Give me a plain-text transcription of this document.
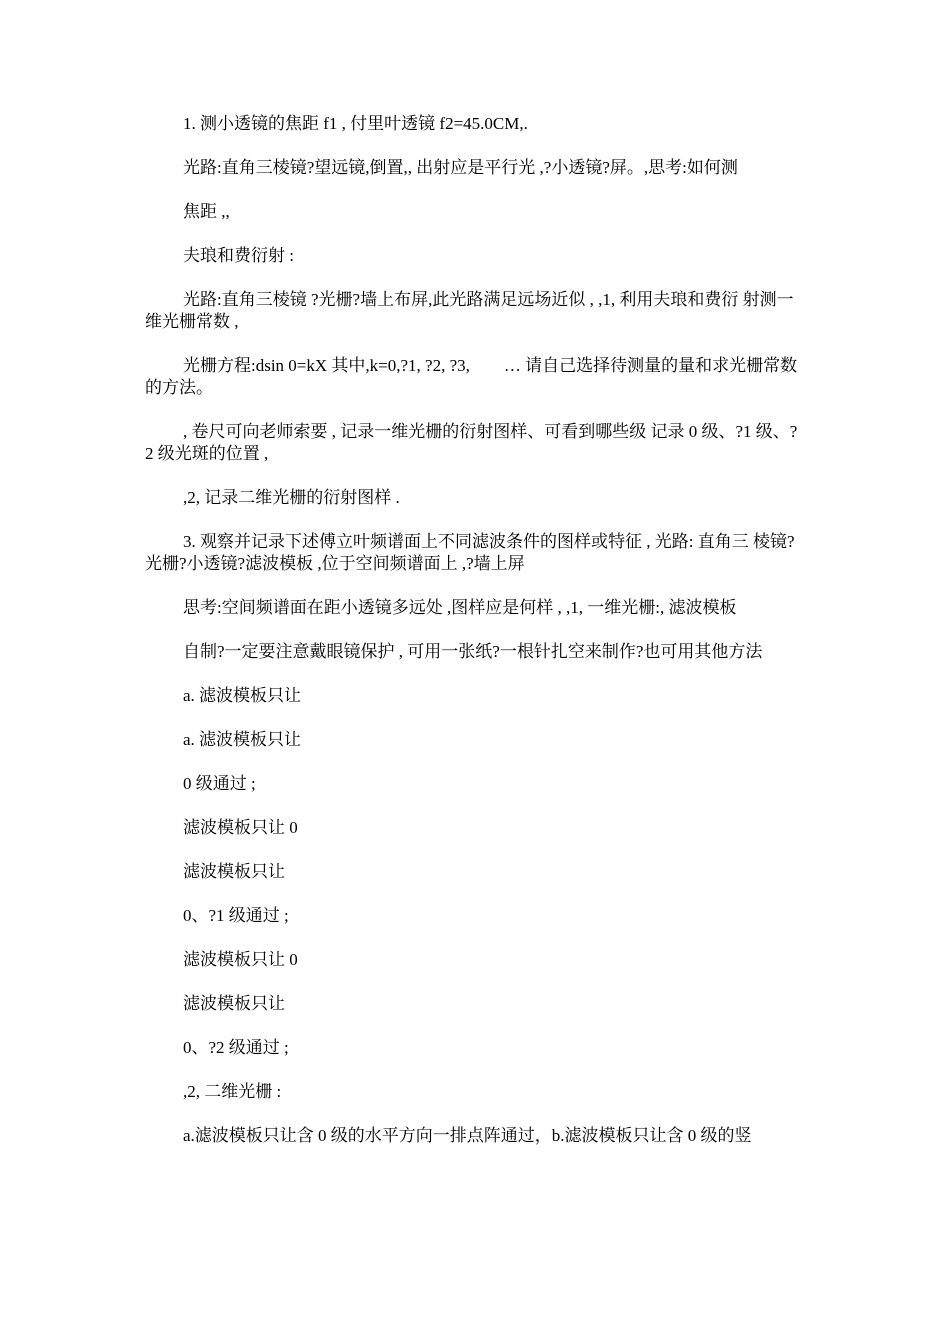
1. 测小透镜的焦距 f1 , 付里叶透镜 f2=45.0CM,.

光路:直角三棱镜?望远镜,倒置,, 出射应是平行光 ,?小透镜?屏。,思考:如何测

焦距 ,,

夫琅和费衍射 :

光路:直角三棱镜 ?光栅?墙上布屏,此光路满足远场近似 , ,1, 利用夫琅和费衍 射测一维光栅常数 ,

光栅方程:dsin 0=kX 其中,k=0,?1, ?2, ?3,        … 请自己选择待测量的量和求光栅常数的方法。

, 卷尺可向老师索要 , 记录一维光栅的衍射图样、可看到哪些级 记录 0 级、?1 级、?2 级光斑的位置 ,

,2, 记录二维光栅的衍射图样 .

3. 观察并记录下述傅立叶频谱面上不同滤波条件的图样或特征 , 光路: 直角三 棱镜?光栅?小透镜?滤波模板 ,位于空间频谱面上 ,?墙上屏

思考:空间频谱面在距小透镜多远处 ,图样应是何样 , ,1, 一维光栅:, 滤波模板

自制?一定要注意戴眼镜保护 , 可用一张纸?一根针扎空来制作?也可用其他方法

a. 滤波模板只让

a. 滤波模板只让

0 级通过 ;

滤波模板只让 0

滤波模板只让

0、?1 级通过 ;

滤波模板只让 0

滤波模板只让

0、?2 级通过 ;

,2, 二维光栅 :

a.滤波模板只让含 0 级的水平方向一排点阵通过，b.滤波模板只让含 0 级的竖
